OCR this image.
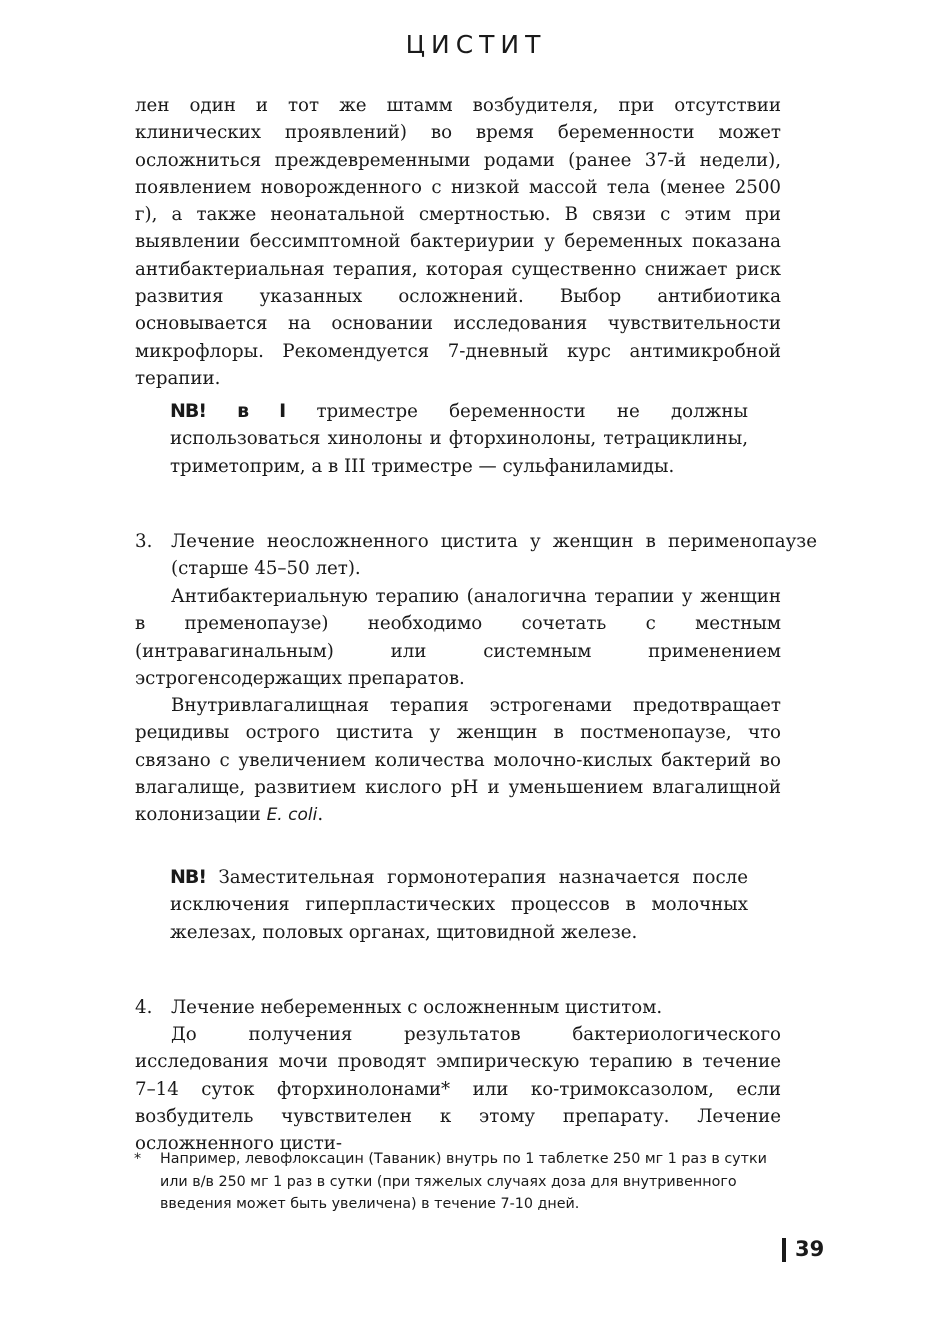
ЦИСТИТ

лен один и тот же штамм возбудителя, при отсутствии клинических проявлений) во время беременности может осложниться преждевременными родами (ранее 37-й недели), появлением новорожденного с низкой массой тела (менее 2500 г), а также неонатальной смертностью. В связи с этим при выявлении бессимптомной бактериурии у беременных показана антибактериальная терапия, которая существенно снижает риск развития указанных осложнений. Выбор антибиотика основывается на основании исследования чувствительности микрофлоры. Рекомендуется 7-дневный курс антимикробной терапии.

NB! в I триместре беременности не должны использоваться хинолоны и фторхинолоны, тетрациклины, триметоприм, а в III триместре — сульфаниламиды.

3. Лечение неосложненного цистита у женщин в перименопаузе (старше 45–50 лет).

Антибактериальную терапию (аналогична терапии у женщин в пременопаузе) необходимо сочетать с местным (интравагинальным) или системным применением эстрогенсодержащих препаратов.

Внутривлагалищная терапия эстрогенами предотвращает рецидивы острого цистита у женщин в постменопаузе, что связано с увеличением количества молочно-кислых бактерий во влагалище, развитием кислого pH и уменьшением влагалищной колонизации E. coli.

NB! Заместительная гормонотерапия назначается после исключения гиперпластических процессов в молочных железах, половых органах, щитовидной железе.

4. Лечение небеременных с осложненным циститом.

До получения результатов бактериологического исследования мочи проводят эмпирическую терапию в течение 7–14 суток фторхинолонами* или ко-тримоксазолом, если возбудитель чувствителен к этому препарату. Лечение осложненного цисти-

*	Например, левофлоксацин (Таваник) внутрь по 1 таблетке 250 мг 1 раз в сутки или в/в 250 мг 1 раз в сутки (при тяжелых случаях доза для внутривенного введения может быть увеличена) в течение 7-10 дней.
39
